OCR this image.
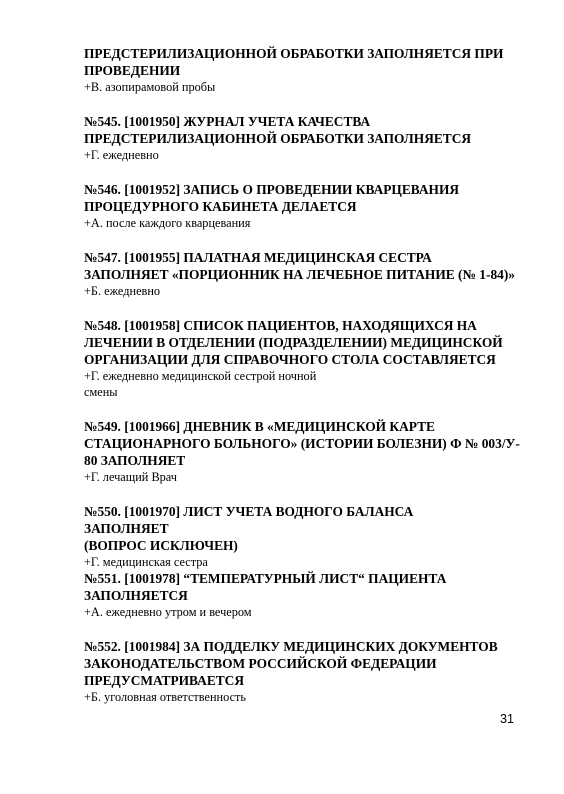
ПРЕДСТЕРИЛИЗАЦИОННОЙ ОБРАБОТКИ ЗАПОЛНЯЕТСЯ ПРИ
ПРОВЕДЕНИИ

+В. азопирамовой пробы

№545. [1001950] ЖУРНАЛ УЧЕТА КАЧЕСТВА
ПРЕДСТЕРИЛИЗАЦИОННОЙ ОБРАБОТКИ ЗАПОЛНЯЕТСЯ

+Г. ежедневно

№546. [1001952] ЗАПИСЬ О ПРОВЕДЕНИИ КВАРЦЕВАНИЯ
ПРОЦЕДУРНОГО КАБИНЕТА ДЕЛАЕТСЯ

+А. после каждого кварцевания

№547. [1001955] ПАЛАТНАЯ МЕДИЦИНСКАЯ СЕСТРА
ЗАПОЛНЯЕТ «ПОРЦИОННИК НА ЛЕЧЕБНОЕ ПИТАНИЕ (№ 1-84)»

+Б. ежедневно

№548. [1001958] СПИСОК ПАЦИЕНТОВ, НАХОДЯЩИХСЯ НА
ЛЕЧЕНИИ В ОТДЕЛЕНИИ (ПОДРАЗДЕЛЕНИИ) МЕДИЦИНСКОЙ
ОРГАНИЗАЦИИ ДЛЯ СПРАВОЧНОГО СТОЛА СОСТАВЛЯЕТСЯ

+Г. ежедневно медицинской сестрой ночной
смены

№549. [1001966] ДНЕВНИК В «МЕДИЦИНСКОЙ КАРТЕ
СТАЦИОНАРНОГО БОЛЬНОГО» (ИСТОРИИ БОЛЕЗНИ) Ф № 003/У-
80 ЗАПОЛНЯЕТ

+Г. лечащий Врач

№550. [1001970] ЛИСТ УЧЕТА ВОДНОГО БАЛАНСА
ЗАПОЛНЯЕТ
(ВОПРОС ИСКЛЮЧЕН)

+Г. медицинская сестра

№551. [1001978] “ТЕМПЕРАТУРНЫЙ ЛИСТ“ ПАЦИЕНТА
ЗАПОЛНЯЕТСЯ

+А. ежедневно утром и вечером

№552. [1001984] ЗА ПОДДЕЛКУ МЕДИЦИНСКИХ ДОКУМЕНТОВ
ЗАКОНОДАТЕЛЬСТВОМ РОССИЙСКОЙ ФЕДЕРАЦИИ
ПРЕДУСМАТРИВАЕТСЯ

+Б. уголовная ответственность

31
